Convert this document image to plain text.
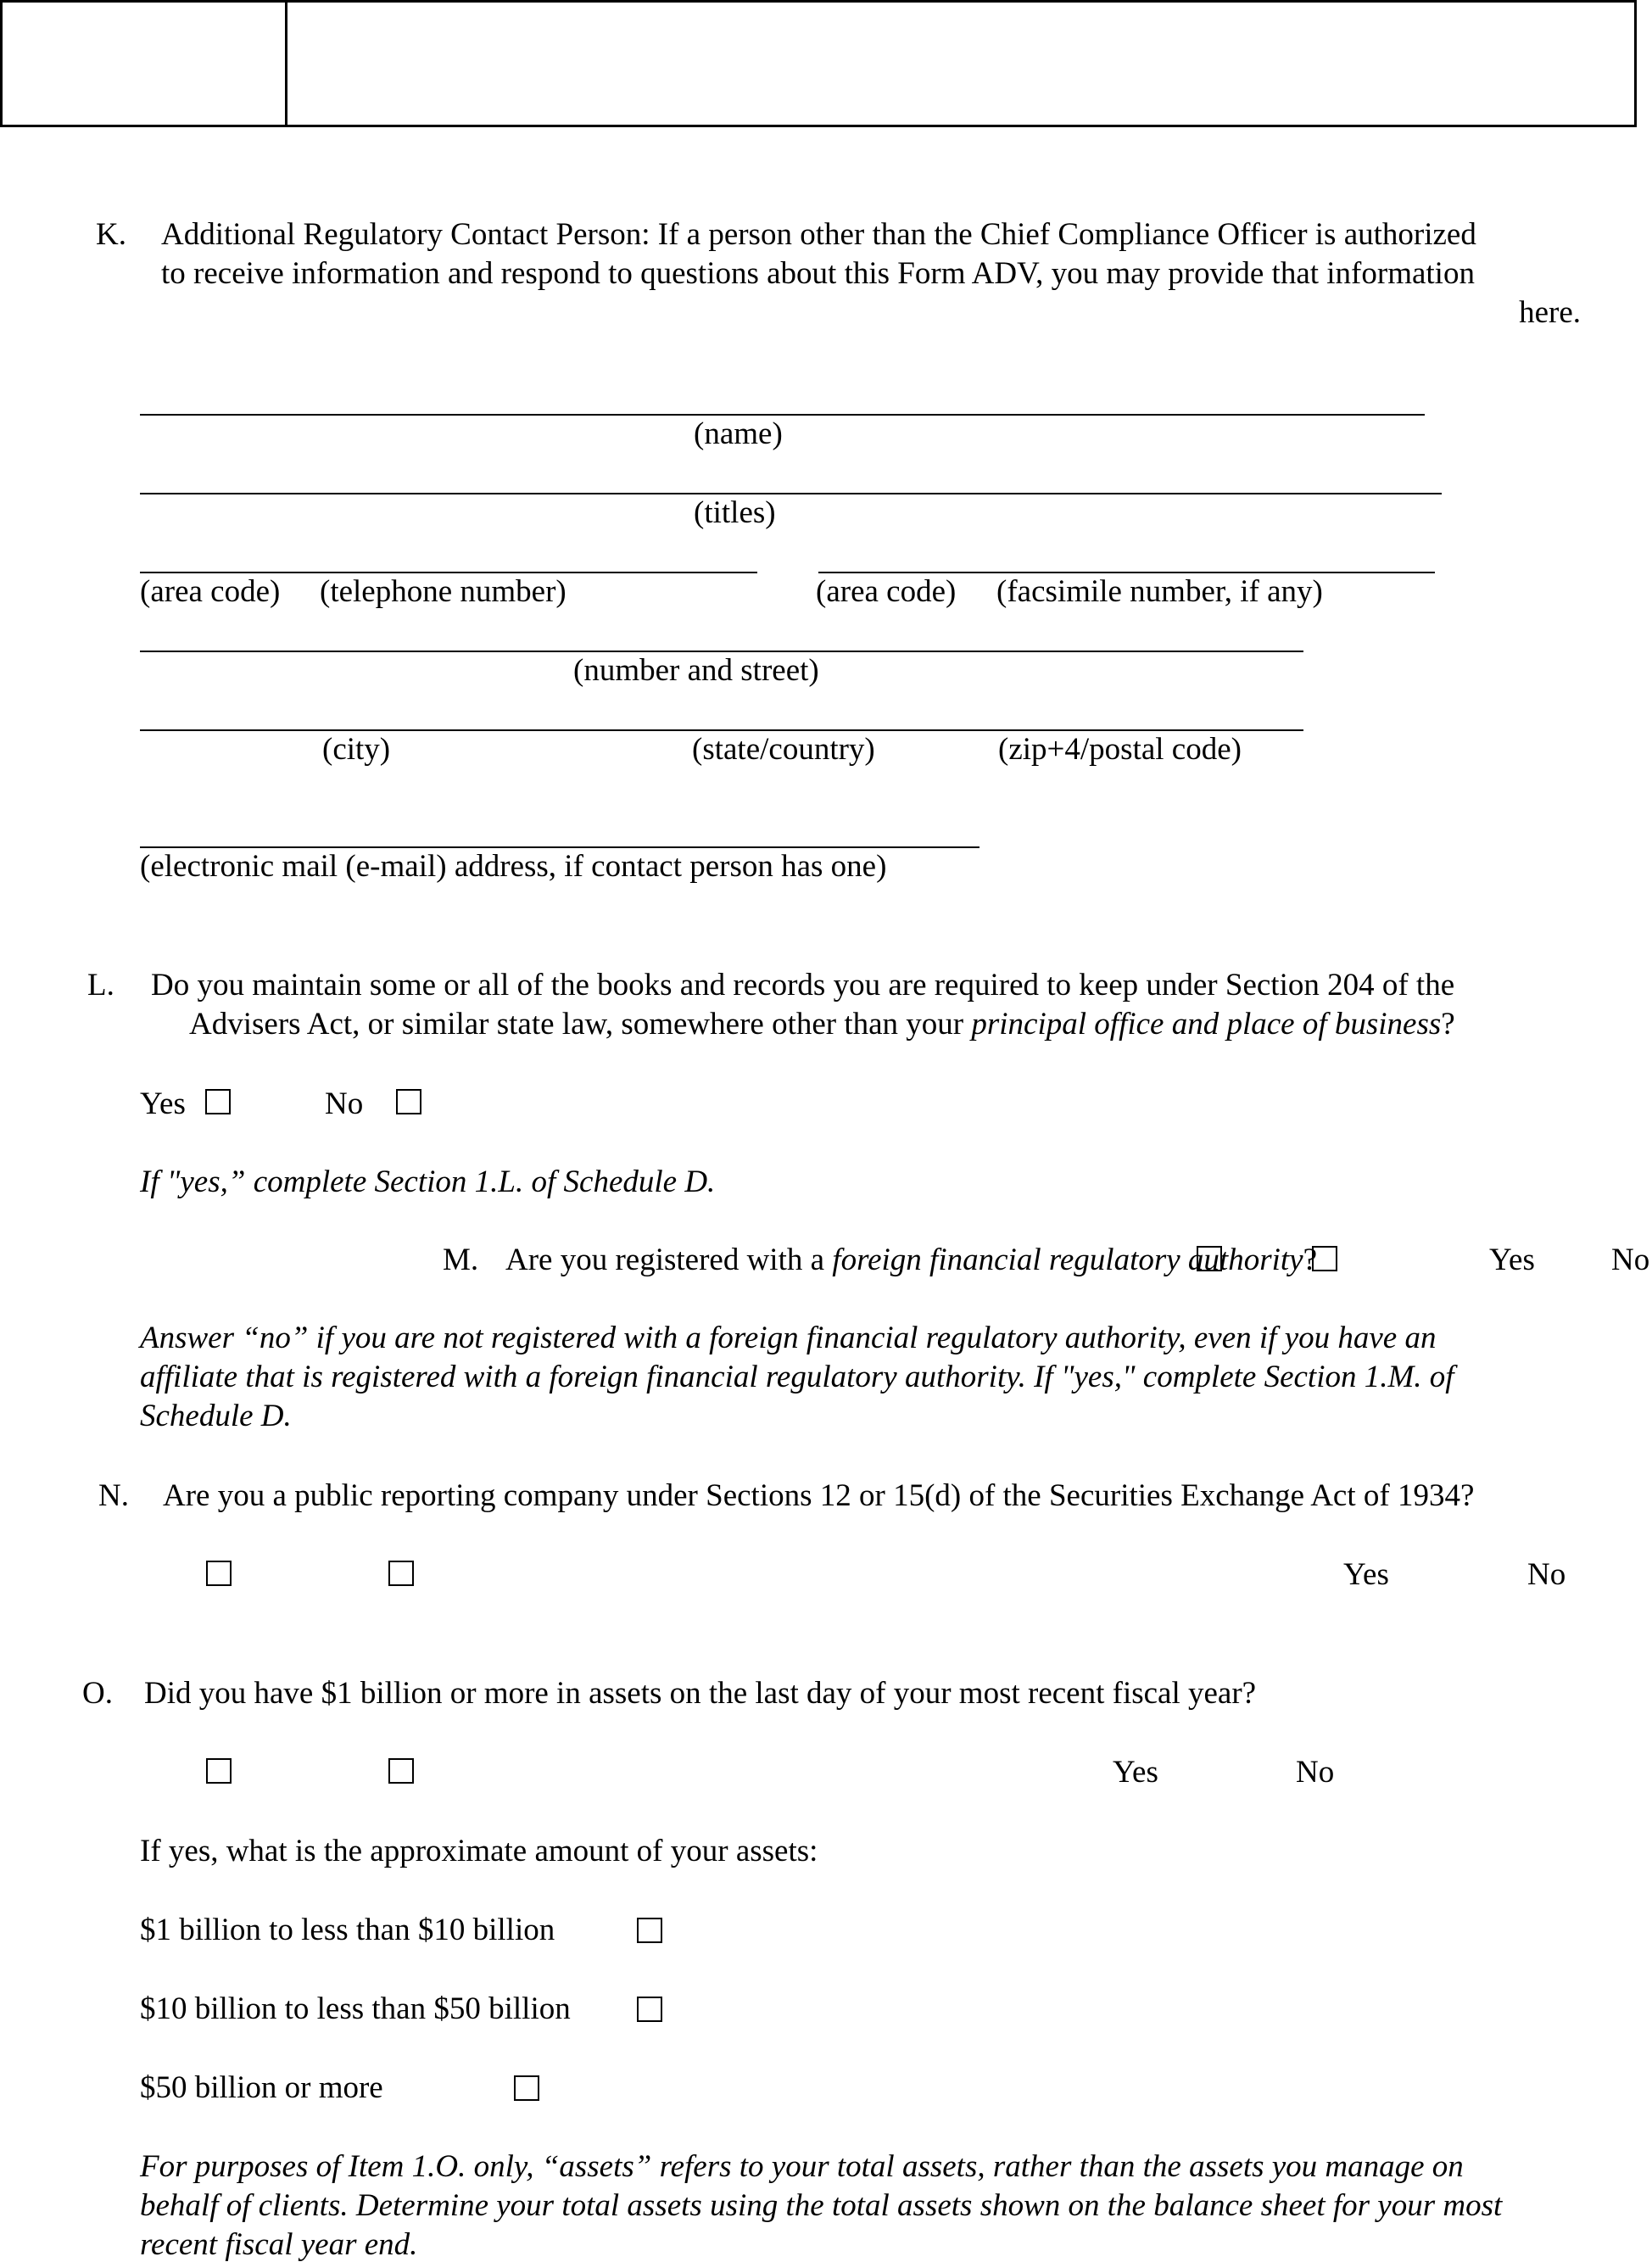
K. Additional Regulatory Contact Person: If a person other than the Chief Compliance Officer is authorized
to receive information and respond to questions about this Form ADV, you may provide that information
here.
(name)
(titles)
(area code) (telephone number)	(area code) (facsimile number, if any)
(number and street)
(city)	(state/country)	(zip+4/postal code)
(electronic mail (e-mail) address, if contact person has one)
L. Do you maintain some or all of the books and records you are required to keep under Section 204 of the
Advisers Act, or similar state law, somewhere other than your principal office and place of business?
Yes	No
If "yes,” complete Section 1.L. of Schedule D.
M. Are you registered with a foreign financial regulatory authority?	Yes No
Answer “no” if you are not registered with a foreign financial regulatory authority, even if you have an
affiliate that is registered with a foreign financial regulatory authority. If "yes," complete Section 1.M. of
Schedule D.
N. Are you a public reporting company under Sections 12 or 15(d) of the Securities Exchange Act of 1934?
Yes	No
O. Did you have $1 billion or more in assets on the last day of your most recent fiscal year?
Yes	No
If yes, what is the approximate amount of your assets:
$1 billion to less than $10 billion
$10 billion to less than $50 billion
$50 billion or more
For purposes of Item 1.O. only, “assets” refers to your total assets, rather than the assets you manage on
behalf of clients. Determine your total assets using the total assets shown on the balance sheet for your most
recent fiscal year end.
